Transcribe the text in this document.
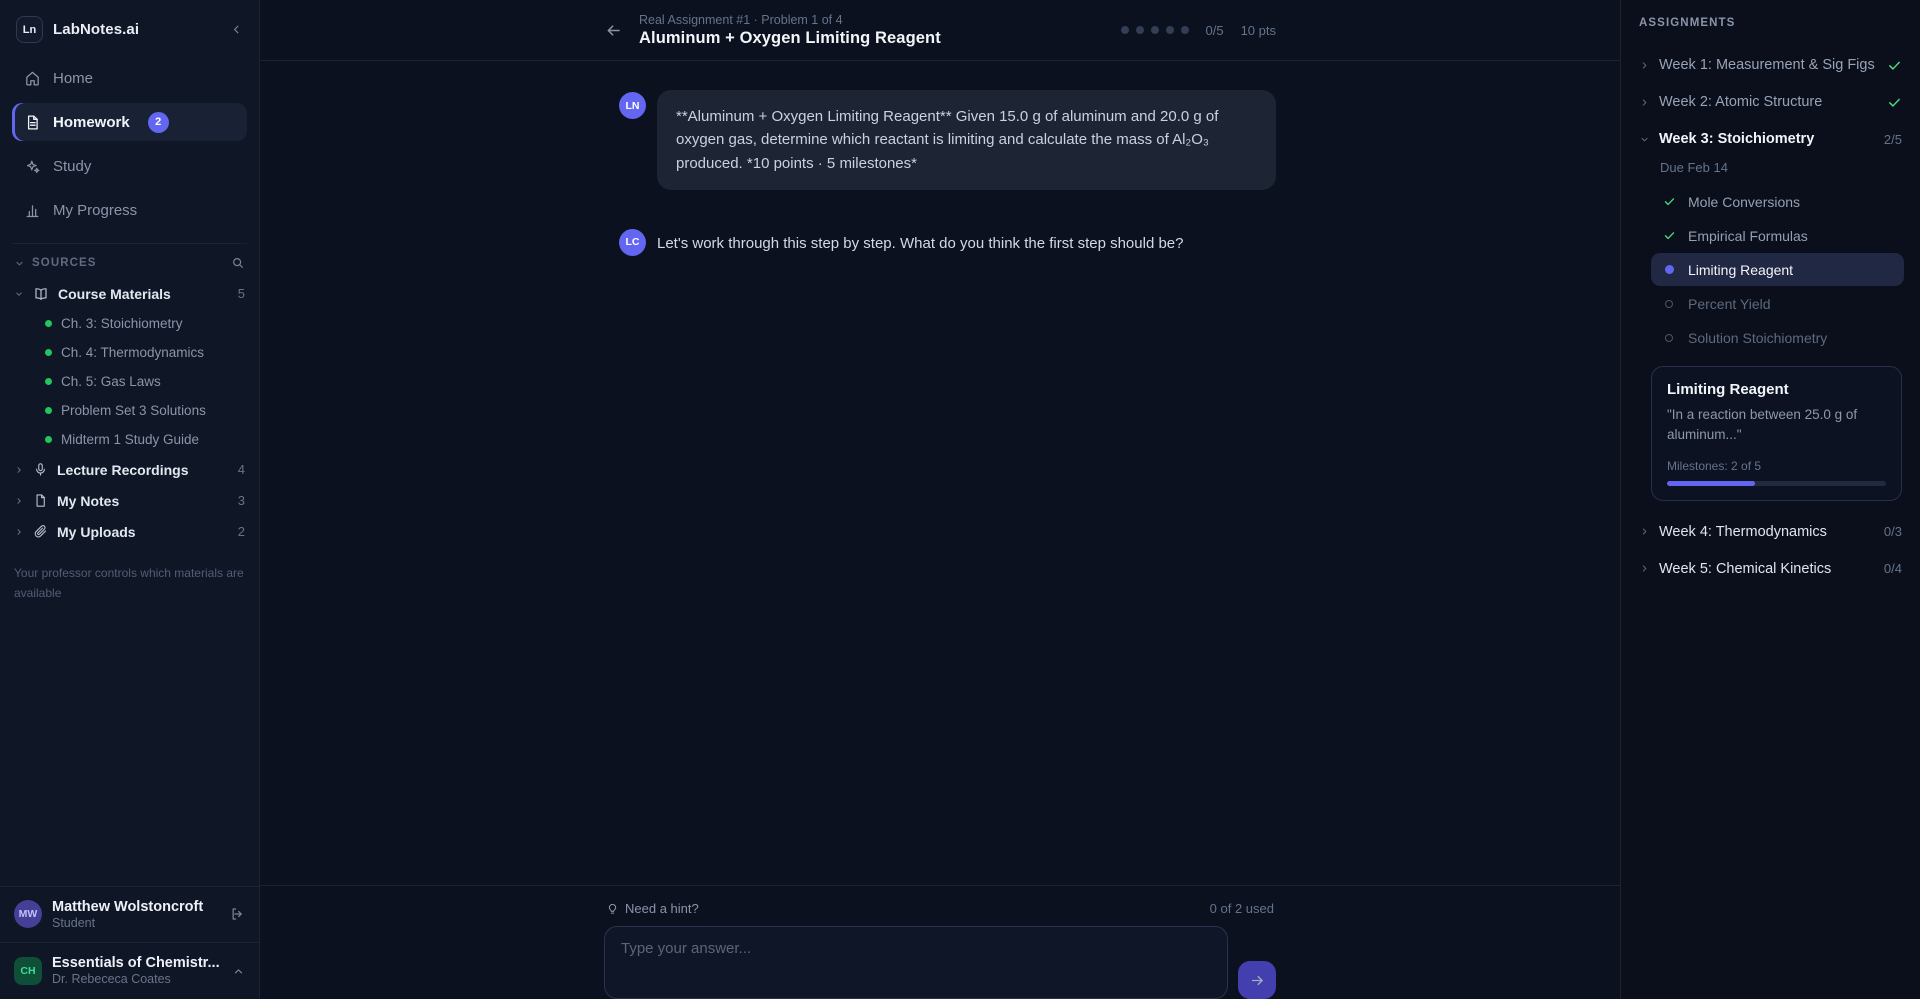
Ln	LabNotes.ai
Home
Homework	2
Study
My Progress
SOURCES
Course Materials	5
Ch. 3: Stoichiometry
Ch. 4: Thermodynamics
Ch. 5: Gas Laws
Problem Set 3 Solutions
Midterm 1 Study Guide
Lecture Recordings	4
My Notes	3
My Uploads	2
Your professor controls which materials are available
MW	Matthew Wolstoncroft
Student
CH	Essentials of Chemistr...
Dr. Rebececa Coates
Real Assignment #1 · Problem 1 of 4
Aluminum + Oxygen Limiting Reagent	0/5 10 pts
LN
**Aluminum + Oxygen Limiting Reagent** Given 15.0 g of aluminum and 20.0 g of oxygen gas, determine which reactant is limiting and calculate the mass of Al₂O₃ produced. *10 points · 5 milestones*
LC	Let's work through this step by step. What do you think the first step should be?
Need a hint?	0 of 2 used
Type your answer...
ASSIGNMENTS
Week 1: Measurement & Sig Figs
Week 2: Atomic Structure
Week 3: Stoichiometry	2/5
Due Feb 14
Mole Conversions
Empirical Formulas
Limiting Reagent
Percent Yield
Solution Stoichiometry
Limiting Reagent
"In a reaction between 25.0 g of aluminum..."
Milestones: 2 of 5
Week 4: Thermodynamics	0/3
Week 5: Chemical Kinetics	0/4
